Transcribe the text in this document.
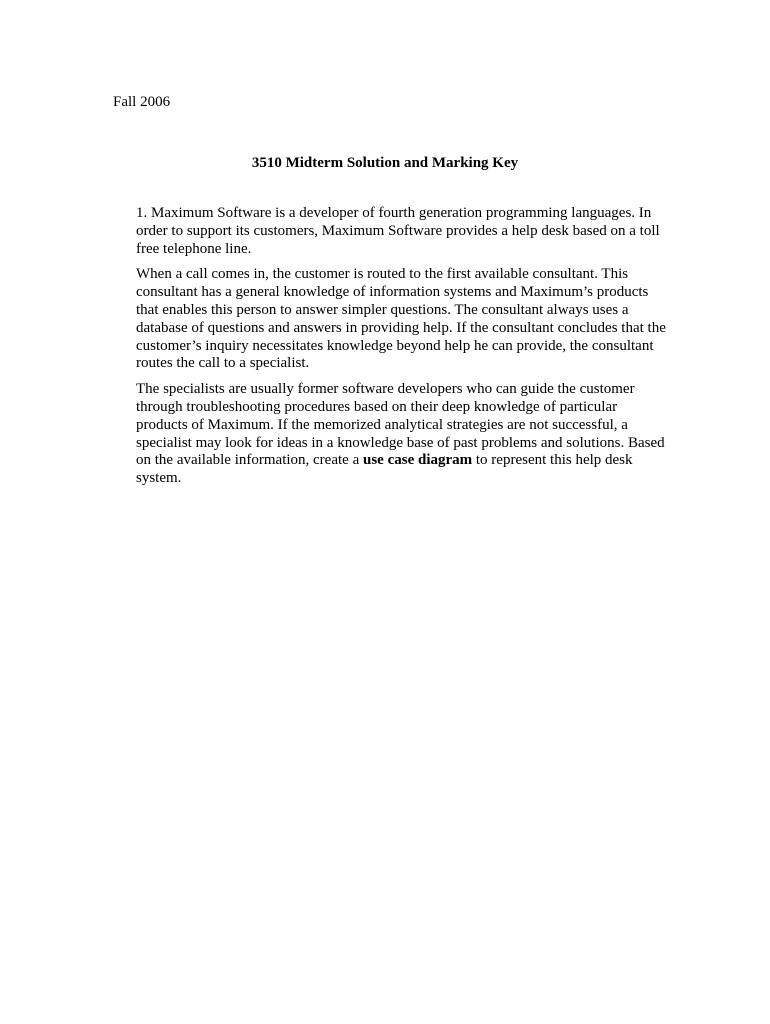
Fall 2006
3510 Midterm Solution and Marking Key

1. Maximum Software is a developer of fourth generation programming languages. In order to support its customers, Maximum Software provides a help desk based on a toll free telephone line.

When a call comes in, the customer is routed to the first available consultant. This consultant has a general knowledge of information systems and Maximum’s products that enables this person to answer simpler questions. The consultant always uses a database of questions and answers in providing help. If the consultant concludes that the customer’s inquiry necessitates knowledge beyond help he can provide, the consultant routes the call to a specialist.

The specialists are usually former software developers who can guide the customer through troubleshooting procedures based on their deep knowledge of particular products of Maximum. If the memorized analytical strategies are not successful, a specialist may look for ideas in a knowledge base of past problems and solutions. Based on the available information, create a use case diagram to represent this help desk system.
